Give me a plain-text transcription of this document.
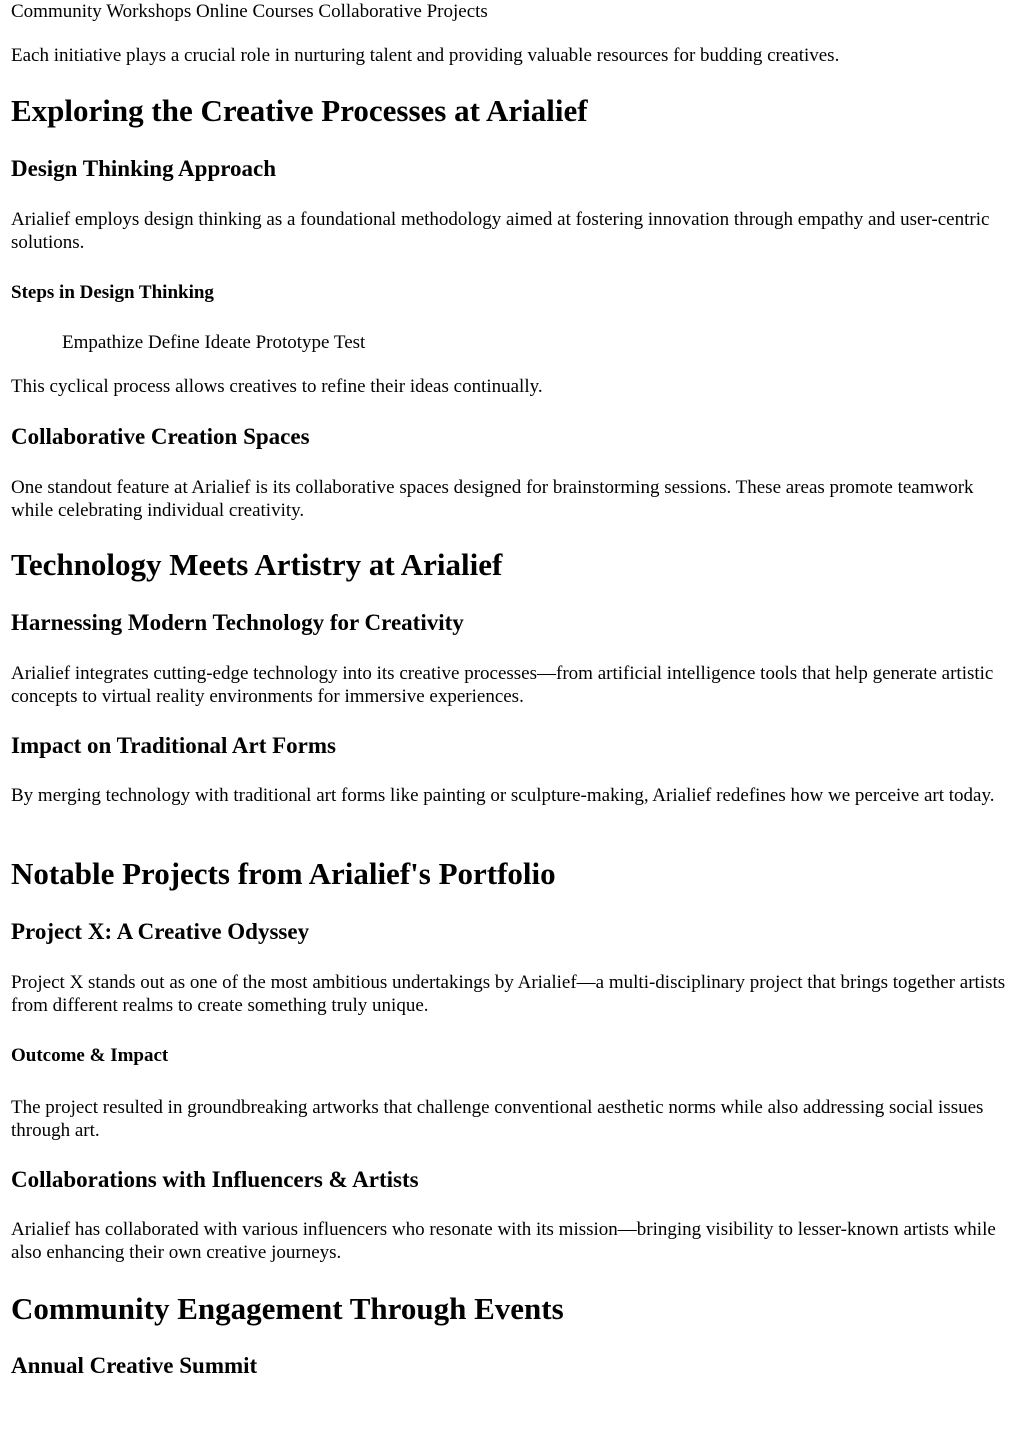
Community Workshops Online Courses Collaborative Projects

Each initiative plays a crucial role in nurturing talent and providing valuable resources for budding creatives.

Exploring the Creative Processes at Arialief
Design Thinking Approach

Arialief employs design thinking as a foundational methodology aimed at fostering innovation through empathy and user-centric solutions.

Steps in Design Thinking
Empathize Define Ideate Prototype Test

This cyclical process allows creatives to refine their ideas continually.

Collaborative Creation Spaces

One standout feature at Arialief is its collaborative spaces designed for brainstorming sessions. These areas promote teamwork while celebrating individual creativity.

Technology Meets Artistry at Arialief
Harnessing Modern Technology for Creativity

Arialief integrates cutting-edge technology into its creative processes—from artificial intelligence tools that help generate artistic concepts to virtual reality environments for immersive experiences.

Impact on Traditional Art Forms

By merging technology with traditional art forms like painting or sculpture-making, Arialief redefines how we perceive art today.

Notable Projects from Arialief's Portfolio
Project X: A Creative Odyssey

Project X stands out as one of the most ambitious undertakings by Arialief—a multi-disciplinary project that brings together artists from different realms to create something truly unique.

Outcome & Impact

The project resulted in groundbreaking artworks that challenge conventional aesthetic norms while also addressing social issues through art.

Collaborations with Influencers & Artists

Arialief has collaborated with various influencers who resonate with its mission—bringing visibility to lesser-known artists while also enhancing their own creative journeys.

Community Engagement Through Events
Annual Creative Summit
